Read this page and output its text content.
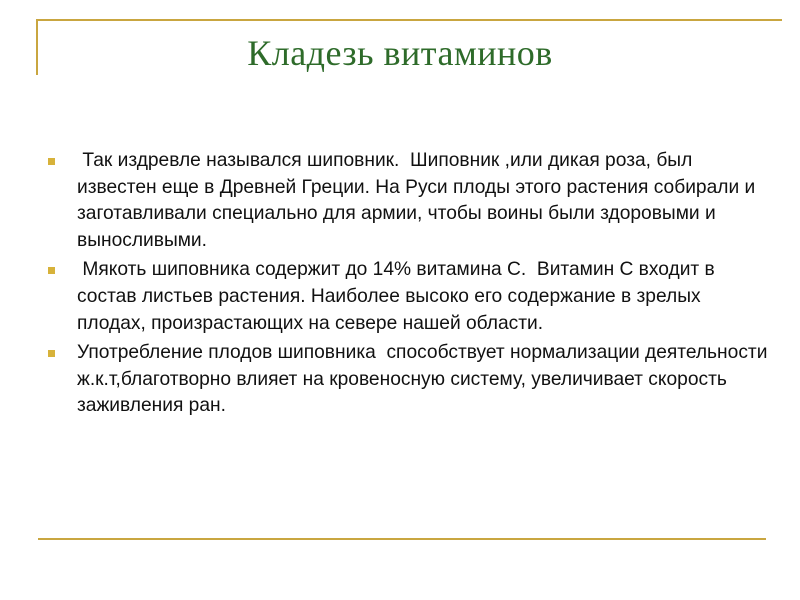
Кладезь витаминов
Так издревле назывался шиповник.  Шиповник ,или дикая роза, был известен еще в Древней Греции. На Руси плоды этого растения собирали и заготавливали специально для армии, чтобы воины были здоровыми и выносливыми.
Мякоть шиповника содержит до 14% витамина С.  Витамин С входит в состав листьев растения. Наиболее высоко его содержание в зрелых плодах, произрастающих на севере нашей области.
Употребление плодов шиповника  способствует нормализации деятельности ж.к.т,благотворно влияет на кровеносную систему, увеличивает скорость заживления ран.
